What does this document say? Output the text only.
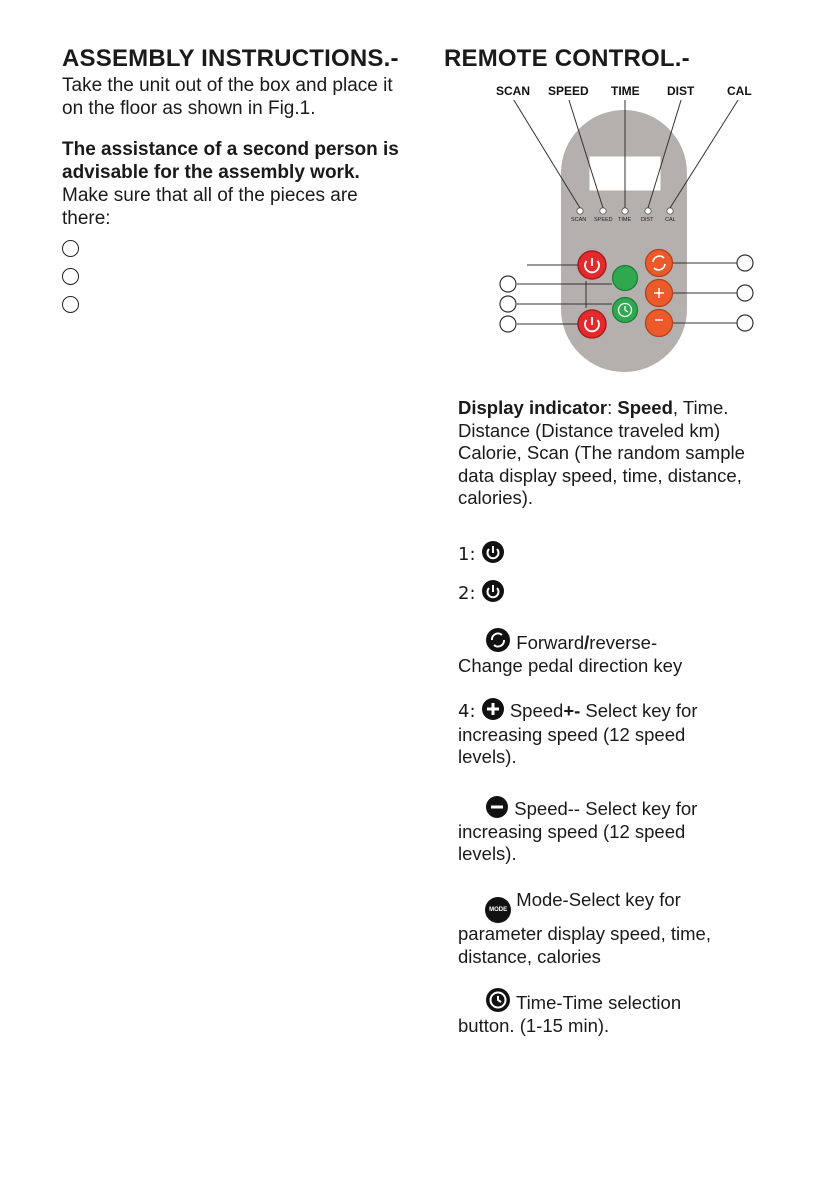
ASSEMBLY INSTRUCTIONS.-
Take the unit out of the box and place it on the floor as shown in Fig.1.
The assistance of a second person is advisable for the assembly work.
Make sure that all of the pieces are there:
REMOTE CONTROL.-
SCAN SPEED TIME DIST	CAL
SCAN SPEED TIME DIST CAL
Display indicator: Speed, Time. Distance (Distance traveled km) Calorie, Scan (The random sample data display speed, time, distance, calories).
1:
2:
Forward/reverse-
Change pedal direction key
4: Speed+- Select key for increasing speed (12 speed levels).
Speed-- Select key for increasing speed (12 speed levels).
MODE Mode-Select key for
parameter display speed, time, distance, calories
Time-Time selection
button. (1-15 min).
